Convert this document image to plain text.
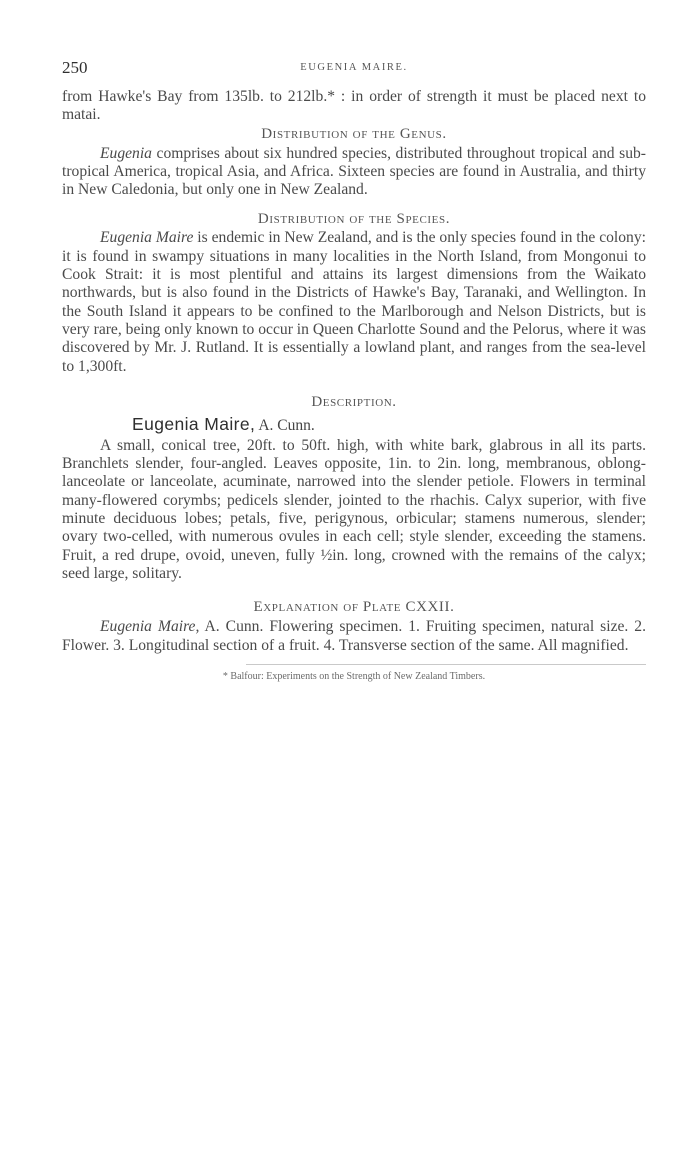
250	EUGENIA MAIRE.

from Hawke's Bay from 135lb. to 212lb.* : in order of strength it must be placed next to matai.

Distribution of the Genus.

Eugenia comprises about six hundred species, distributed throughout tropical and sub-tropical America, tropical Asia, and Africa. Sixteen species are found in Australia, and thirty in New Caledonia, but only one in New Zealand.

Distribution of the Species.

Eugenia Maire is endemic in New Zealand, and is the only species found in the colony: it is found in swampy situations in many localities in the North Island, from Mongonui to Cook Strait: it is most plentiful and attains its largest dimensions from the Waikato northwards, but is also found in the Districts of Hawke's Bay, Taranaki, and Wellington. In the South Island it appears to be confined to the Marlborough and Nelson Districts, but is very rare, being only known to occur in Queen Charlotte Sound and the Pelorus, where it was discovered by Mr. J. Rutland. It is essentially a lowland plant, and ranges from the sea-level to 1,300ft.

Description.
Eugenia Maire, A. Cunn.

A small, conical tree, 20ft. to 50ft. high, with white bark, glabrous in all its parts. Branchlets slender, four-angled. Leaves opposite, 1in. to 2in. long, membranous, oblong-lanceolate or lanceolate, acuminate, narrowed into the slender petiole. Flowers in terminal many-flowered corymbs; pedicels slender, jointed to the rhachis. Calyx superior, with five minute deciduous lobes; petals, five, perigynous, orbicular; stamens numerous, slender; ovary two-celled, with numerous ovules in each cell; style slender, exceeding the stamens. Fruit, a red drupe, ovoid, uneven, fully ½in. long, crowned with the remains of the calyx; seed large, solitary.

Explanation of Plate CXXII.

Eugenia Maire, A. Cunn. Flowering specimen. 1. Fruiting specimen, natural size. 2. Flower. 3. Longitudinal section of a fruit. 4. Transverse section of the same. All magnified.

* Balfour: Experiments on the Strength of New Zealand Timbers.
